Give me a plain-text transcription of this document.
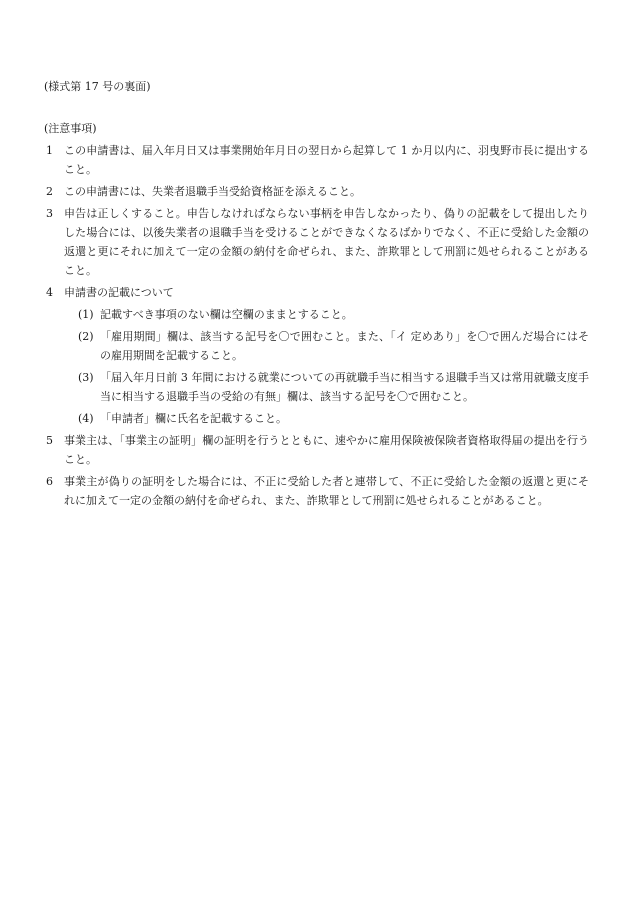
(様式第 17 号の裏面)
(注意事項)
1 この申請書は、届入年月日又は事業開始年月日の翌日から起算して 1 か月以内に、羽曳野市長に提出すること。
2 この申請書には、失業者退職手当受給資格証を添えること。
3 申告は正しくすること。申告しなければならない事柄を申告しなかったり、偽りの記載をして提出したりした場合には、以後失業者の退職手当を受けることができなくなるばかりでなく、不正に受給した金額の返還と更にそれに加えて一定の金額の納付を命ぜられ、また、詐欺罪として刑罰に処せられることがあること。
4 申請書の記載について
(1) 記載すべき事項のない欄は空欄のままとすること。
(2) 「雇用期間」欄は、該当する記号を〇で囲むこと。また、「イ 定めあり」を〇で囲んだ場合にはその雇用期間を記載すること。
(3) 「届入年月日前 3 年間における就業についての再就職手当に相当する退職手当又は常用就職支度手当に相当する退職手当の受給の有無」欄は、該当する記号を〇で囲むこと。
(4) 「申請者」欄に氏名を記載すること。
5 事業主は、「事業主の証明」欄の証明を行うとともに、速やかに雇用保険被保険者資格取得届の提出を行うこと。
6 事業主が偽りの証明をした場合には、不正に受給した者と連帯して、不正に受給した金額の返還と更にそれに加えて一定の金額の納付を命ぜられ、また、詐欺罪として刑罰に処せられることがあること。
